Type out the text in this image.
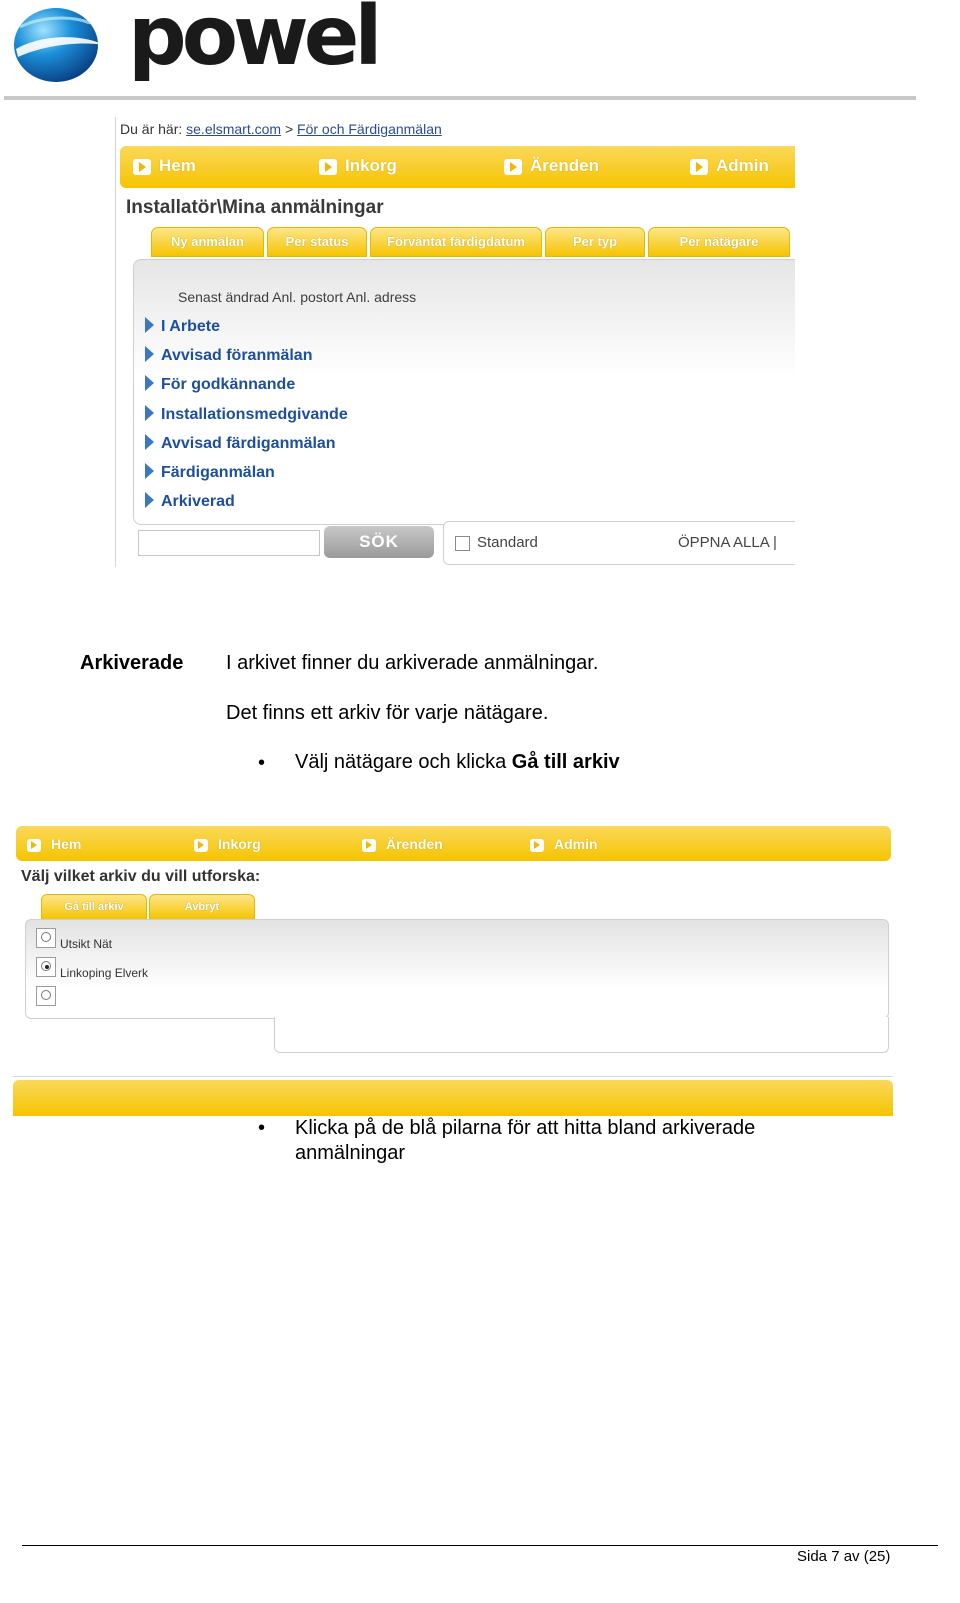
powel
Du är här: se.elsmart.com > För och Färdiganmälan
Hem	Inkorg	Ärenden	Admin
Installatör\Mina anmälningar
Ny anmälan	Per status	Förväntat färdigdatum	Per typ	Per nätägare
Senast ändrad Anl. postort Anl. adress
I Arbete
Avvisad föranmälan
För godkännande
Installationsmedgivande
Avvisad färdiganmälan
Färdiganmälan
Arkiverad
SÖK	Standard	ÖPPNA ALLA |
Arkiverade I arkivet finner du arkiverade anmälningar.
Det finns ett arkiv för varje nätägare.
• Välj nätägare och klicka Gå till arkiv
Hem	Inkorg	Ärenden	Admin
Välj vilket arkiv du vill utforska:
Gå till arkiv	Avbryt
Utsikt Nät
Linkoping Elverk
• Klicka på de blå pilarna för att hitta bland arkiverade
anmälningar
Sida 7 av (25)
